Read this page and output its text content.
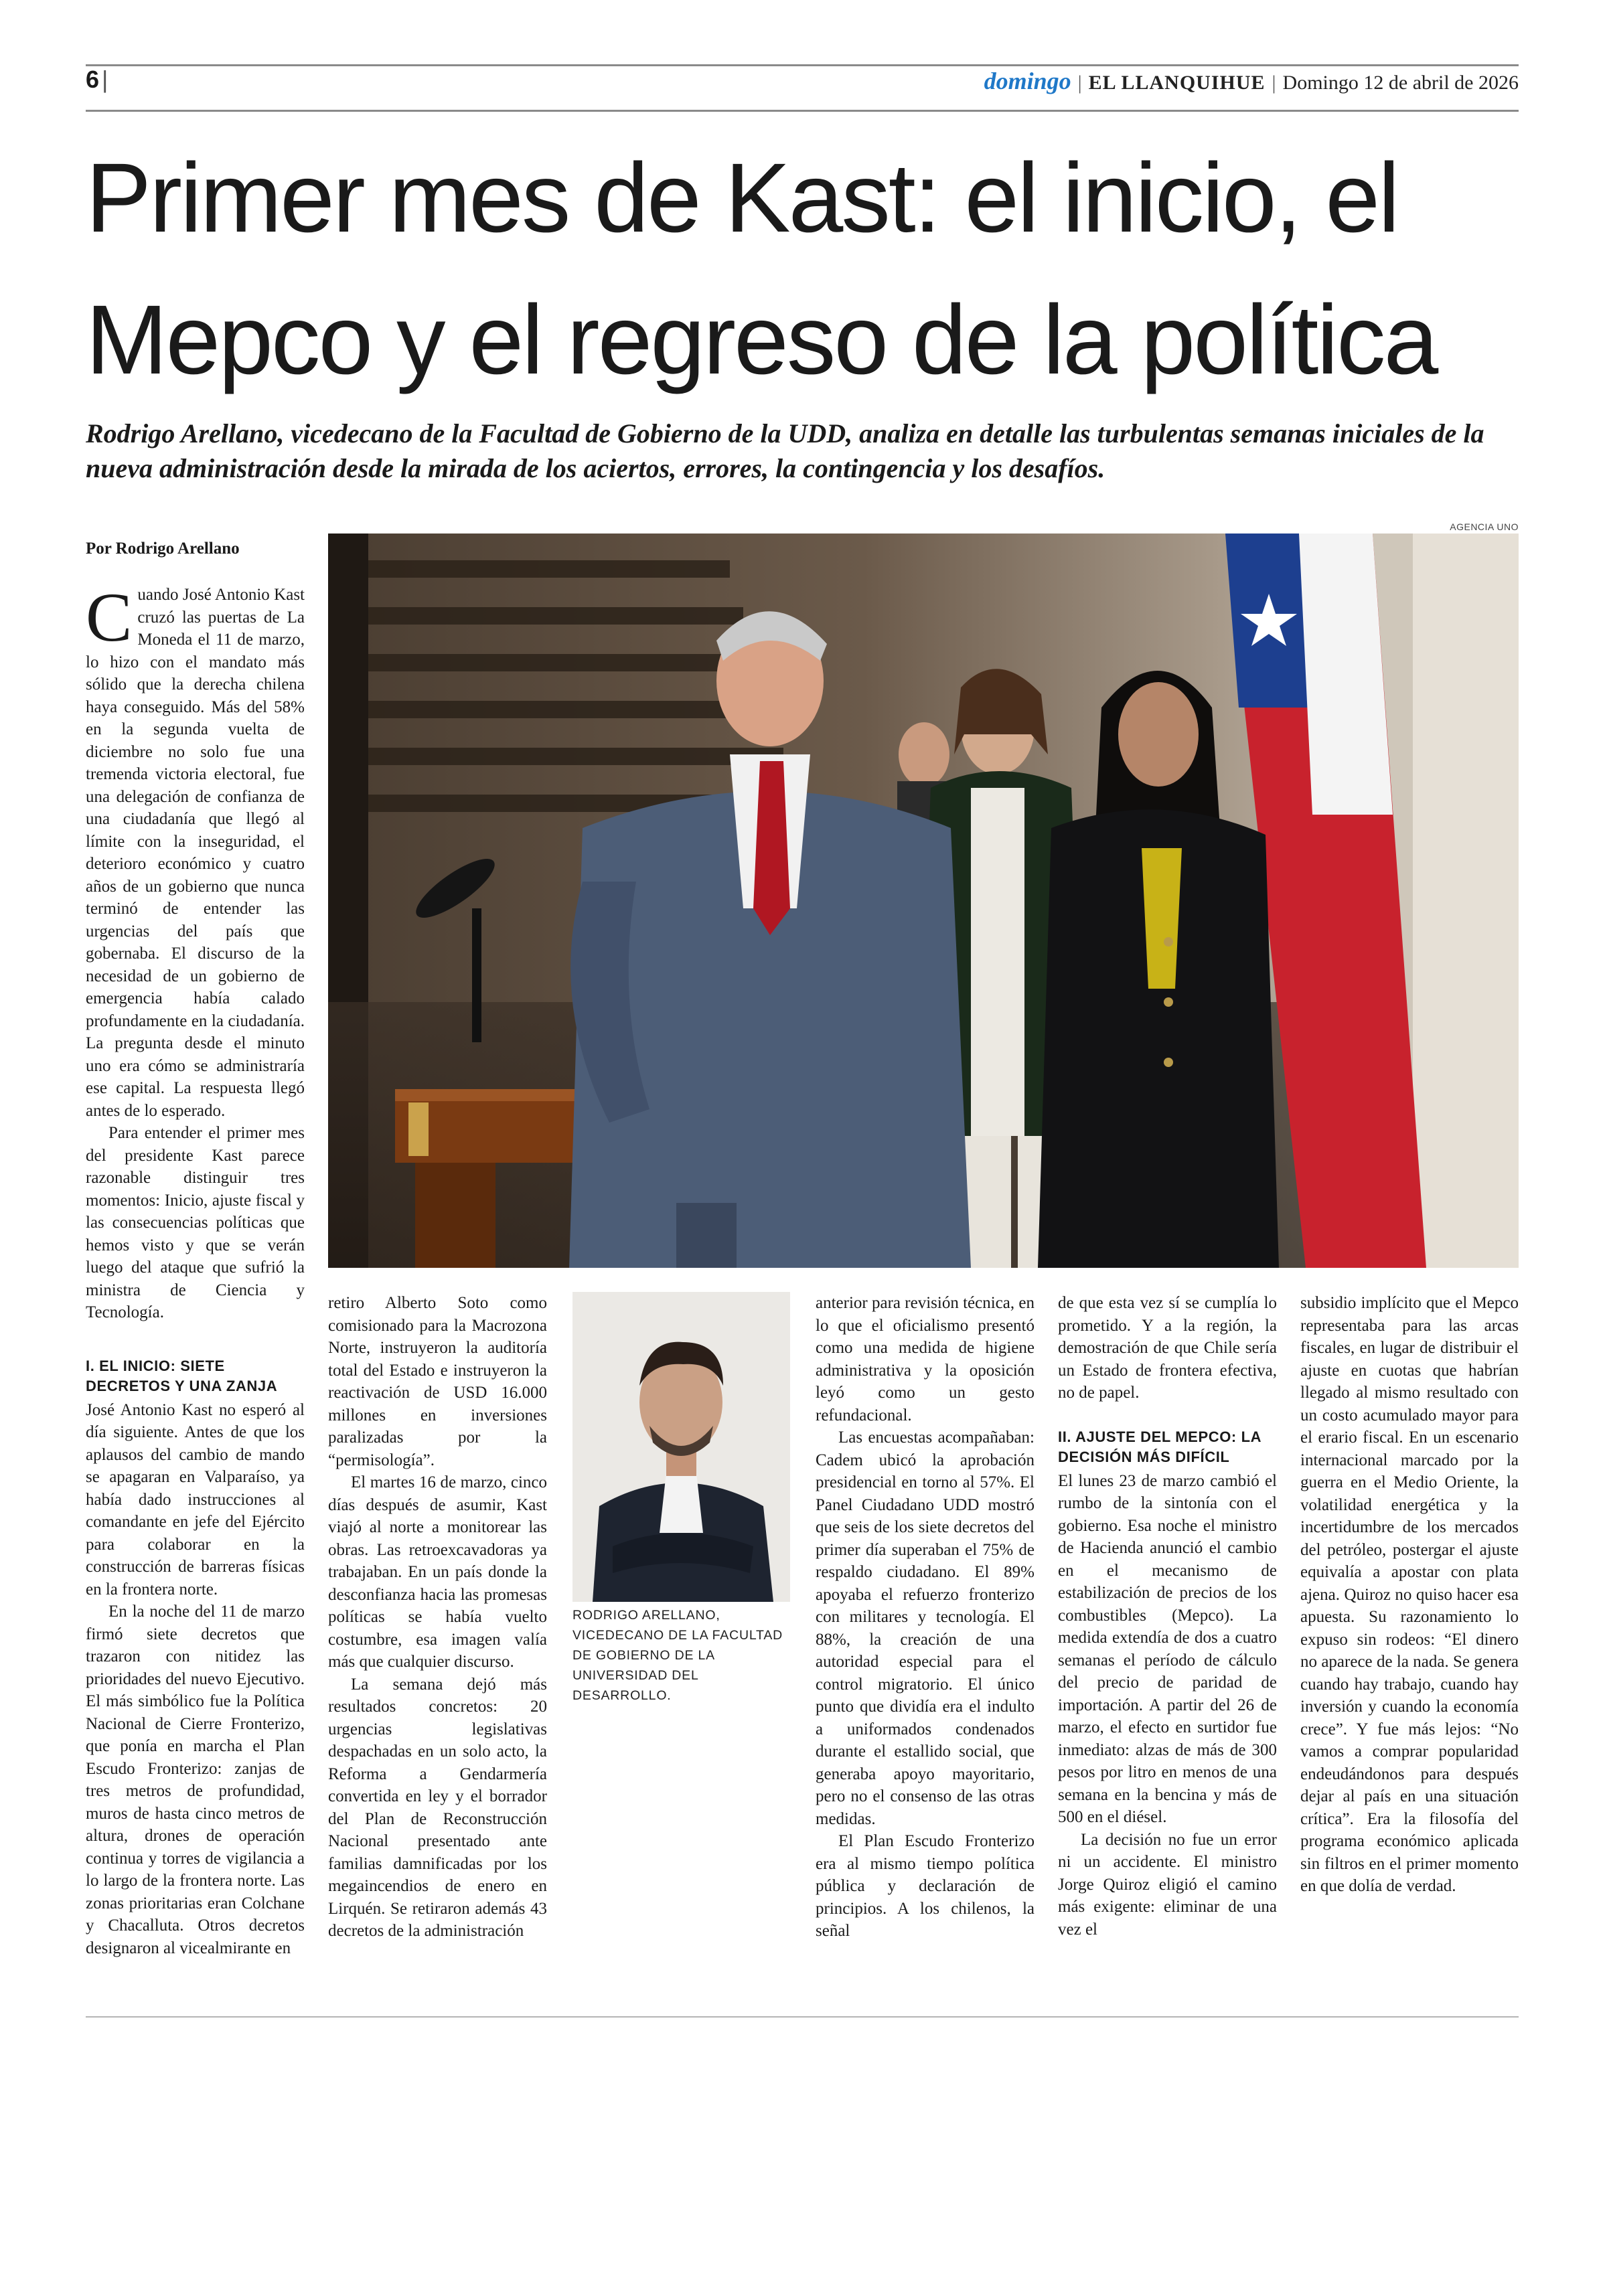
6 |	domingo | EL LLANQUIHUE | Domingo 12 de abril de 2026
Primer mes de Kast: el inicio, el Mepco y el regreso de la política

Rodrigo Arellano, vicedecano de la Facultad de Gobierno de la UDD, analiza en detalle las turbulentas semanas iniciales de la nueva administración desde la mirada de los aciertos, errores, la contingencia y los desafíos.

Por Rodrigo Arellano
AGENCIA UNO

Cuando José Antonio Kast cruzó las puertas de La Moneda el 11 de marzo, lo hizo con el mandato más sólido que la derecha chilena haya conseguido. Más del 58% en la segunda vuelta de diciembre no solo fue una tremenda victoria electoral, fue una delegación de confianza de una ciudadanía que llegó al límite con la inseguridad, el deterioro económico y cuatro años de un gobierno que nunca terminó de entender las urgencias del país que gobernaba. El discurso de la necesidad de un gobierno de emergencia había calado profundamente en la ciudadanía. La pregunta desde el minuto uno era cómo se administraría ese capital. La respuesta llegó antes de lo esperado.

Para entender el primer mes del presidente Kast parece razonable distinguir tres momentos: Inicio, ajuste fiscal y las consecuencias políticas que hemos visto y que se verán luego del ataque que sufrió la ministra de Ciencia y Tecnología.

I. EL INICIO: SIETE DECRETOS Y UNA ZANJA

José Antonio Kast no esperó al día siguiente. Antes de que los aplausos del cambio de mando se apagaran en Valparaíso, ya había dado instrucciones al comandante en jefe del Ejército para colaborar en la construcción de barreras físicas en la frontera norte.

En la noche del 11 de marzo firmó siete decretos que trazaron con nitidez las prioridades del nuevo Ejecutivo. El más simbólico fue la Política Nacional de Cierre Fronterizo, que ponía en marcha el Plan Escudo Fronterizo: zanjas de tres metros de profundidad, muros de hasta cinco metros de altura, drones de operación continua y torres de vigilancia a lo largo de la frontera norte. Las zonas prioritarias eran Colchane y Chacalluta. Otros decretos designaron al vicealmirante en

retiro Alberto Soto como comisionado para la Macrozona Norte, instruyeron la auditoría total del Estado e instruyeron la reactivación de USD 16.000 millones en inversiones paralizadas por la “permisología”.

El martes 16 de marzo, cinco días después de asumir, Kast viajó al norte a monitorear las obras. Las retroexcavadoras ya trabajaban. En un país donde la desconfianza hacia las promesas políticas se había vuelto costumbre, esa imagen valía más que cualquier discurso.

La semana dejó más resultados concretos: 20 urgencias legislativas despachadas en un solo acto, la Reforma a Gendarmería convertida en ley y el borrador del Plan de Reconstrucción Nacional presentado ante familias damnificadas por los megaincendios de enero en Lirquén. Se retiraron además 43 decretos de la administración

RODRIGO ARELLANO,
VICEDECANO DE LA FACULTAD
DE GOBIERNO DE LA
UNIVERSIDAD DEL DESARROLLO.

anterior para revisión técnica, en lo que el oficialismo presentó como una medida de higiene administrativa y la oposición leyó como un gesto refundacional.

Las encuestas acompañaban: Cadem ubicó la aprobación presidencial en torno al 57%. El Panel Ciudadano UDD mostró que seis de los siete decretos del primer día superaban el 75% de respaldo ciudadano. El 89% apoyaba el refuerzo fronterizo con militares y tecnología. El 88%, la creación de una autoridad especial para el control migratorio. El único punto que dividía era el indulto a uniformados condenados durante el estallido social, que generaba apoyo mayoritario, pero no el consenso de las otras medidas.

El Plan Escudo Fronterizo era al mismo tiempo política pública y declaración de principios. A los chilenos, la señal

de que esta vez sí se cumplía lo prometido. Y a la región, la demostración de que Chile sería un Estado de frontera efectiva, no de papel.

II. AJUSTE DEL MEPCO: LA DECISIÓN MÁS DIFÍCIL

El lunes 23 de marzo cambió el rumbo de la sintonía con el gobierno. Esa noche el ministro de Hacienda anunció el cambio en el mecanismo de estabilización de precios de los combustibles (Mepco). La medida extendía de dos a cuatro semanas el período de cálculo del precio de paridad de importación. A partir del 26 de marzo, el efecto en surtidor fue inmediato: alzas de más de 300 pesos por litro en menos de una semana en la bencina y más de 500 en el diésel.

La decisión no fue un error ni un accidente. El ministro Jorge Quiroz eligió el camino más exigente: eliminar de una vez el

subsidio implícito que el Mepco representaba para las arcas fiscales, en lugar de distribuir el ajuste en cuotas que habrían llegado al mismo resultado con un costo acumulado mayor para el erario fiscal. En un escenario internacional marcado por la guerra en el Medio Oriente, la volatilidad energética y la incertidumbre de los mercados del petróleo, postergar el ajuste equivalía a apostar con plata ajena. Quiroz no quiso hacer esa apuesta. Su razonamiento lo expuso sin rodeos: “El dinero no aparece de la nada. Se genera cuando hay trabajo, cuando hay inversión y cuando la economía crece”. Y fue más lejos: “No vamos a comprar popularidad endeudándonos para después dejar al país en una situación crítica”. Era la filosofía del programa económico aplicada sin filtros en el primer momento en que dolía de verdad.
